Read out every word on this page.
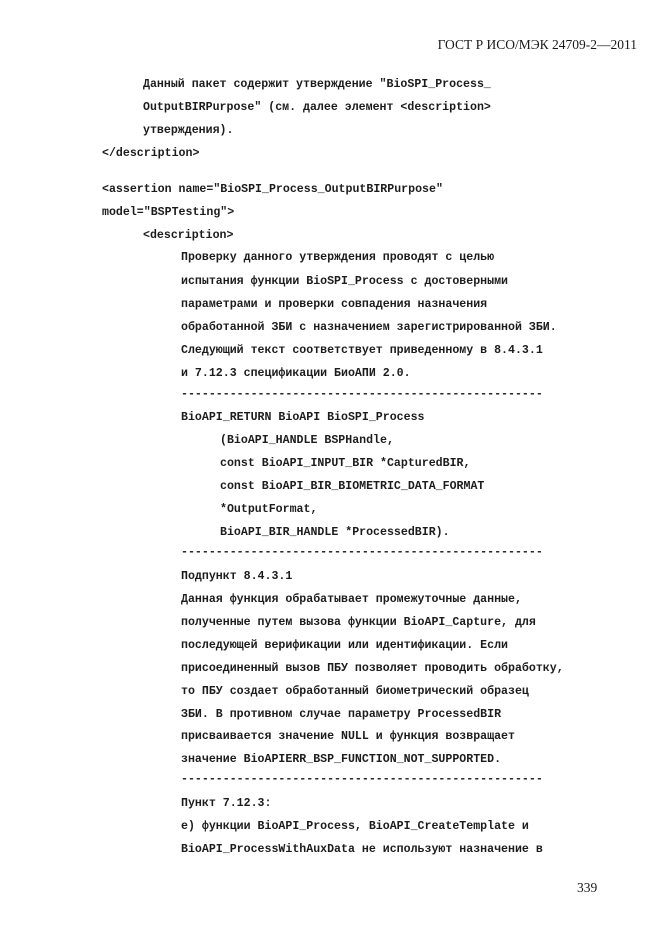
ГОСТ Р ИСО/МЭК 24709-2—2011
Данный пакет содержит утверждение "BioSPI_Process_
OutputBIRPurpose" (см. далее элемент <description>
утверждения).
</description>
<assertion name="BioSPI_Process_OutputBIRPurpose"
model="BSPTesting">
<description>
Проверку данного утверждения проводят с целью
испытания функции BioSPI_Process с достоверными
параметрами и проверки совпадения назначения
обработанной ЗБИ с назначением зарегистрированной ЗБИ.
Следующий текст соответствует приведенному в 8.4.3.1
и 7.12.3 спецификации БиоАПИ 2.0.
----------------------------------------------------
BioAPI_RETURN BioAPI BioSPI_Process
(BioAPI_HANDLE BSPHandle,
const BioAPI_INPUT_BIR *CapturedBIR,
const BioAPI_BIR_BIOMETRIC_DATA_FORMAT
*OutputFormat,
BioAPI_BIR_HANDLE *ProcessedBIR).
----------------------------------------------------
Подпункт 8.4.3.1
Данная функция обрабатывает промежуточные данные,
полученные путем вызова функции BioAPI_Capture, для
последующей верификации или идентификации. Если
присоединенный вызов ПБУ позволяет проводить обработку,
то ПБУ создает обработанный биометрический образец
ЗБИ. В противном случае параметру ProcessedBIR
присваивается значение NULL и функция возвращает
значение BioAPIERR_BSP_FUNCTION_NOT_SUPPORTED.
----------------------------------------------------
Пункт 7.12.3:
е) функции BioAPI_Process, BioAPI_CreateTemplate и
BioAPI_ProcessWithAuxData не используют назначение в
339
